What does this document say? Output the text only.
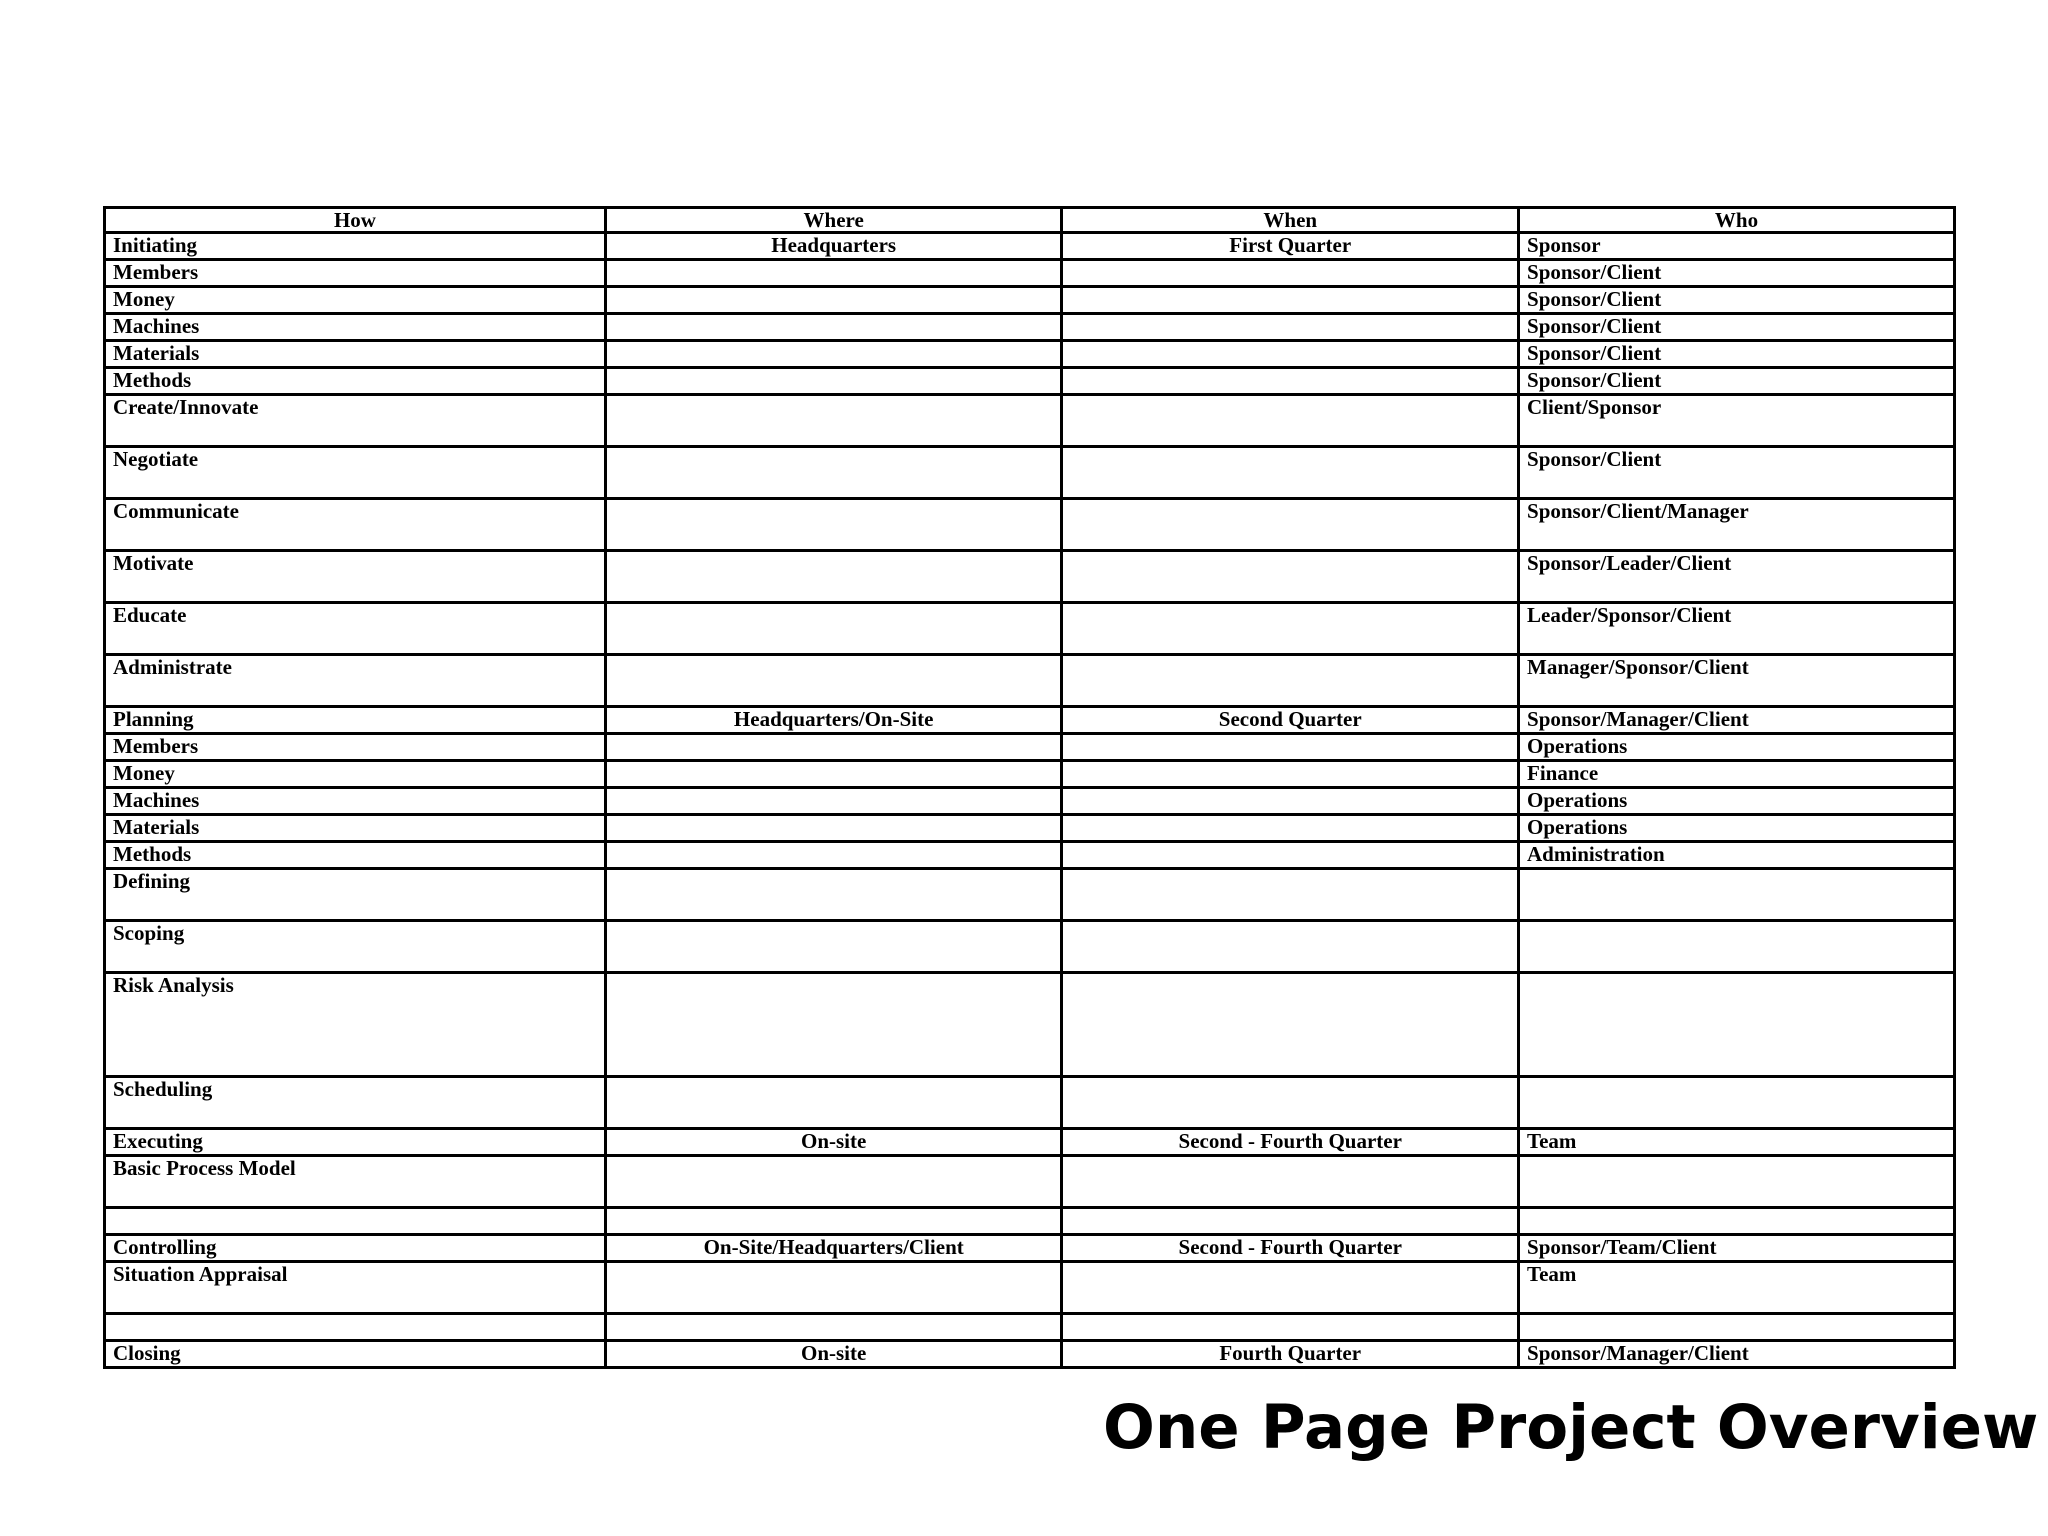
How	Where	When	Who
Initiating	Headquarters	First Quarter	Sponsor
Members			Sponsor/Client
Money			Sponsor/Client
Machines			Sponsor/Client
Materials			Sponsor/Client
Methods			Sponsor/Client
Create/Innovate			Client/Sponsor
Negotiate			Sponsor/Client
Communicate			Sponsor/Client/Manager
Motivate			Sponsor/Leader/Client
Educate			Leader/Sponsor/Client
Administrate			Manager/Sponsor/Client
Planning	Headquarters/On-Site	Second Quarter	Sponsor/Manager/Client
Members			Operations
Money			Finance
Machines			Operations
Materials			Operations
Methods			Administration
Defining			
Scoping			
Risk Analysis			
Scheduling			
Executing	On-site	Second - Fourth Quarter	Team
Basic Process Model			

Controlling	On-Site/Headquarters/Client	Second - Fourth Quarter	Sponsor/Team/Client
Situation Appraisal			Team

Closing	On-site	Fourth Quarter	Sponsor/Manager/Client
One Page Project Overview
